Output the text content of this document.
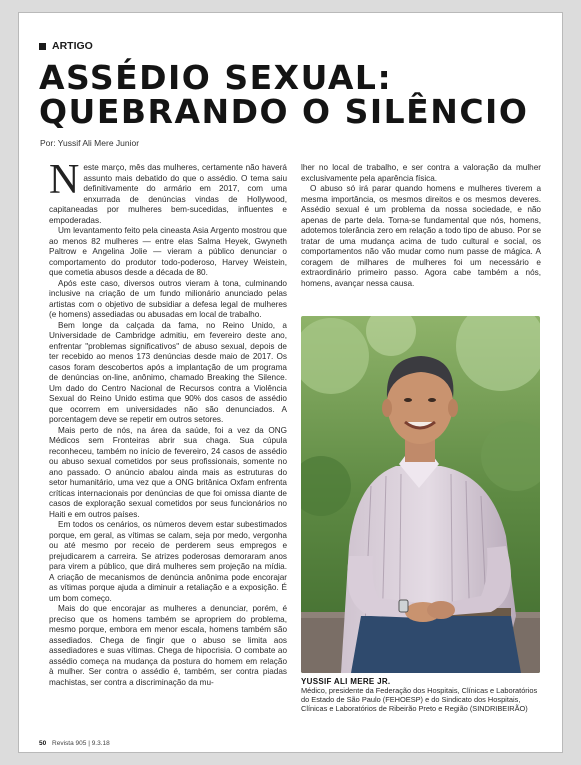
ARTIGO
ASSÉDIO SEXUAL:
QUEBRANDO O SILÊNCIO
Por: Yussif Ali Mere Junior

Neste março, mês das mulheres, certamente não haverá assunto mais debatido do que o assédio. O tema saiu definitivamente do armário em 2017, com uma enxurrada de denúncias vindas de Hollywood, capitaneadas por mulheres bem-sucedidas, influentes e empoderadas.

Um levantamento feito pela cineasta Asia Argento mostrou que ao menos 82 mulheres — entre elas Salma Heyek, Gwyneth Paltrow e Angelina Jolie — vieram a público denunciar o comportamento do produtor todo-poderoso, Harvey Weistein, que cometia abusos desde a década de 80.

Após este caso, diversos outros vieram à tona, culminando inclusive na criação de um fundo milionário anunciado pelas artistas com o objetivo de subsidiar a defesa legal de mulheres (e homens) assediadas ou abusadas em local de trabalho.

Bem longe da calçada da fama, no Reino Unido, a Universidade de Cambridge admitiu, em fevereiro deste ano, enfrentar "problemas significativos" de abuso sexual, depois de ter recebido ao menos 173 denúncias desde maio de 2017. Os casos foram descobertos após a implantação de um programa de denúncias on-line, anônimo, chamado Breaking the Silence. Um dado do Centro Nacional de Recursos contra a Violência Sexual do Reino Unido estima que 90% dos casos de assédio que ocorrem em universidades não são denunciados. A porcentagem deve se repetir em outros setores.

Mais perto de nós, na área da saúde, foi a vez da ONG Médicos sem Fronteiras abrir sua chaga. Sua cúpula reconheceu, também no início de fevereiro, 24 casos de assédio ou abuso sexual cometidos por seus profissionais, somente no ano passado. O anúncio abalou ainda mais as estruturas do setor humanitário, uma vez que a ONG britânica Oxfam enfrenta críticas internacionais por denúncias de que foi omissa diante de casos de exploração sexual cometidos por seus funcionários no Haiti e em outros países.

Em todos os cenários, os números devem estar subestimados porque, em geral, as vítimas se calam, seja por medo, vergonha ou até mesmo por receio de perderem seus empregos e prejudicarem a carreira. Se atrizes poderosas demoraram anos para virem a público, que dirá mulheres sem projeção na mídia. A criação de mecanismos de denúncia anônima pode encorajar as vítimas porque ajuda a diminuir a retaliação e a exposição. É um bom começo.

Mais do que encorajar as mulheres a denunciar, porém, é preciso que os homens também se apropriem do problema, mesmo porque, embora em menor escala, homens também são assediados. Chega de fingir que o abuso se limita aos assediadores e suas vítimas. Chega de hipocrisia. O combate ao assédio começa na mudança da postura do homem em relação à mulher. Ser contra o assédio é, também, ser contra piadas machistas, ser contra a discriminação da mu-

lher no local de trabalho, e ser contra a valoração da mulher exclusivamente pela aparência física.

O abuso só irá parar quando homens e mulheres tiverem a mesma importância, os mesmos direitos e os mesmos deveres. Assédio sexual é um problema da nossa sociedade, e não apenas de parte dela. Torna-se fundamental que nós, homens, adotemos tolerância zero em relação a todo tipo de abuso. Por se tratar de uma mudança acima de tudo cultural e social, os comportamentos não vão mudar como num passe de mágica. A coragem de milhares de mulheres foi um necessário e extraordinário primeiro passo. Agora cabe também a nós, homens, avançar nessa causa.

YUSSIF ALI MERE JR.
Médico, presidente da Federação dos Hospitais, Clínicas e Laboratórios do Estado de São Paulo (FEHOESP) e do Sindicato dos Hospitais, Clínicas e Laboratórios de Ribeirão Preto e Região (SINDRIBEIRÃO)
50 Revista 905 | 9.3.18
